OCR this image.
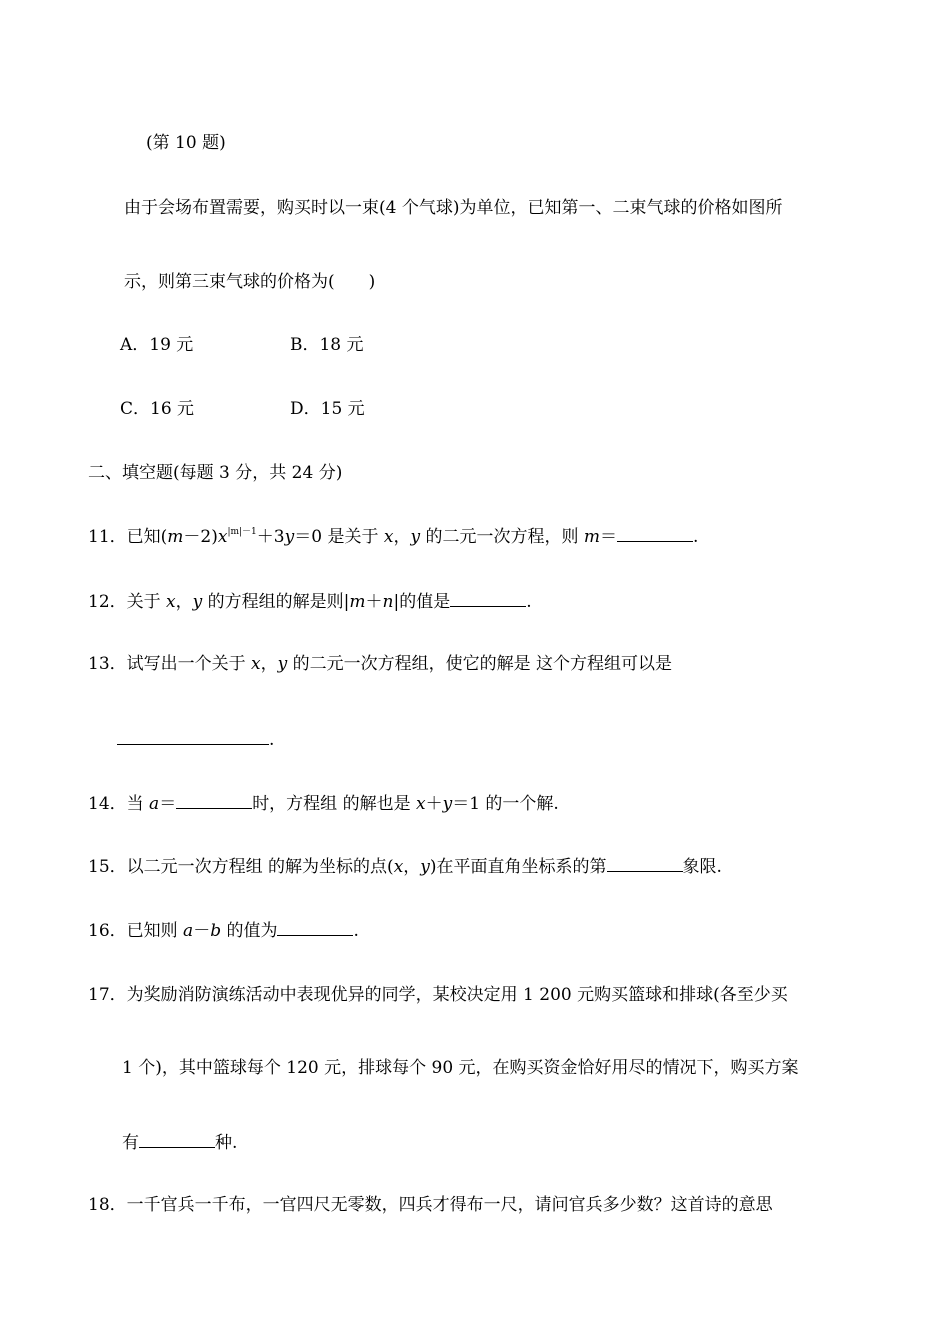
(第 10 题)
由于会场布置需要，购买时以一束(4 个气球)为单位，已知第一、二束气球的价格如图所
示，则第三束气球的价格为(　　)
A．19 元	B．18 元
C．16 元	D．15 元
二、填空题(每题 3 分，共 24 分)
11．已知$(m-2)x^{|m|-1}+3y=0$ 是关于 x，y 的二元一次方程，则 m＝	.
12．关于 x，y 的方程组的解是则|m＋n|的值是	.
13．试写出一个关于 x，y 的二元一次方程组，使它的解是 这个方程组可以是
.
14．当 a＝	时，方程组 的解也是 x＋y＝1 的一个解.
15．以二元一次方程组 的解为坐标的点(x，y)在平面直角坐标系的第	象限.
16．已知则 a－b 的值为	.
17．为奖励消防演练活动中表现优异的同学，某校决定用 1 200 元购买篮球和排球(各至少买
1 个)，其中篮球每个 120 元，排球每个 90 元，在购买资金恰好用尽的情况下，购买方案
有	种.
18．一千官兵一千布，一官四尺无零数，四兵才得布一尺，请问官兵多少数？这首诗的意思
